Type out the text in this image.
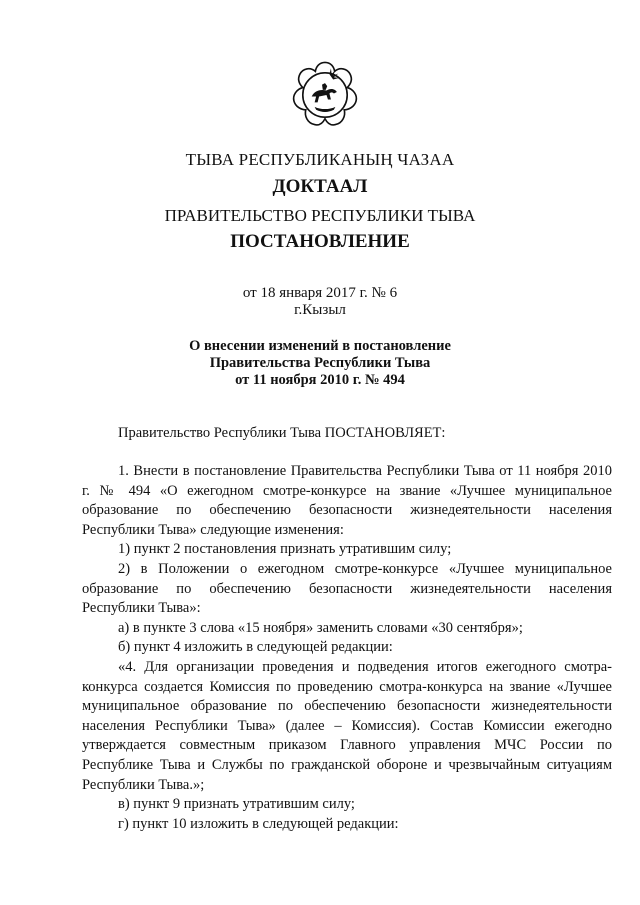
ТЫВА РЕСПУБЛИКАНЫҢ ЧАЗАА
ДОКТААЛ
ПРАВИТЕЛЬСТВО РЕСПУБЛИКИ ТЫВА
ПОСТАНОВЛЕНИЕ
от 18 января 2017 г. № 6
г.Кызыл
О внесении изменений в постановление
Правительства Республики Тыва
от 11 ноября 2010 г. № 494
Правительство Республики Тыва ПОСТАНОВЛЯЕТ:
1. Внести в постановление Правительства Республики Тыва от 11 ноября 2010 г. № 494 «О ежегодном смотре-конкурсе на звание «Лучшее муниципальное образование по обеспечению безопасности жизнедеятельности населения Республики Тыва» следующие изменения:
1) пункт 2 постановления признать утратившим силу;
2) в Положении о ежегодном смотре-конкурсе «Лучшее муниципальное образование по обеспечению безопасности жизнедеятельности населения Республики Тыва»:
а) в пункте 3 слова «15 ноября» заменить словами «30 сентября»;
б) пункт 4 изложить в следующей редакции:
«4. Для организации проведения и подведения итогов ежегодного смотра-конкурса создается Комиссия по проведению смотра-конкурса на звание «Лучшее муниципальное образование по обеспечению безопасности жизнедеятельности населения Республики Тыва» (далее – Комиссия). Состав Комиссии ежегодно утверждается совместным приказом Главного управления МЧС России по Республике Тыва и Службы по гражданской обороне и чрезвычайным ситуациям Республики Тыва.»;
в) пункт 9 признать утратившим силу;
г) пункт 10 изложить в следующей редакции:
